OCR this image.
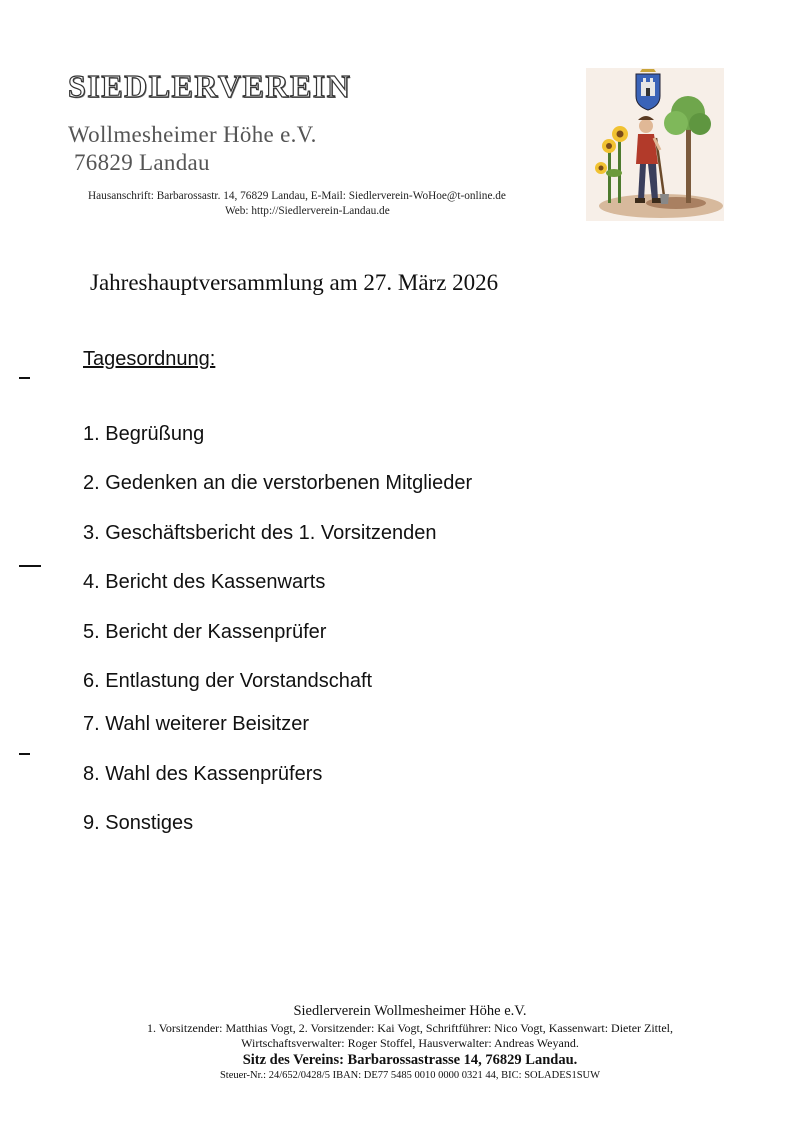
SIEDLERVEREIN
Wollmesheimer Höhe e.V.
76829 Landau
Hausanschrift: Barbarossastr. 14, 76829 Landau, E-Mail: Siedlerverein-WoHoe@t-online.de
Web: http://Siedlerverein-Landau.de
Jahreshauptversammlung am 27. März 2026
Tagesordnung:
1. Begrüßung
2. Gedenken an die verstorbenen Mitglieder
3. Geschäftsbericht des 1. Vorsitzenden
4. Bericht des Kassenwarts
5. Bericht der Kassenprüfer
6. Entlastung der Vorstandschaft
7. Wahl weiterer Beisitzer
8. Wahl des Kassenprüfers
9. Sonstiges
Siedlerverein Wollmesheimer Höhe e.V.
1. Vorsitzender: Matthias Vogt, 2. Vorsitzender: Kai Vogt, Schriftführer: Nico Vogt, Kassenwart: Dieter Zittel,
Wirtschaftsverwalter: Roger Stoffel, Hausverwalter: Andreas Weyand.
Sitz des Vereins: Barbarossastrasse 14, 76829 Landau.
Steuer-Nr.: 24/652/0428/5 IBAN: DE77 5485 0010 0000 0321 44, BIC: SOLADES1SUW
